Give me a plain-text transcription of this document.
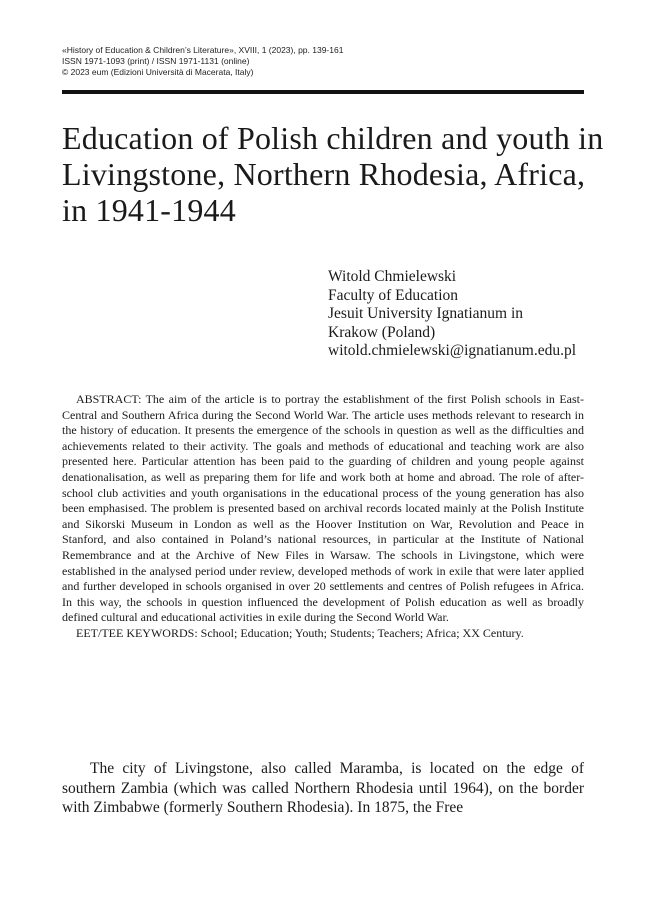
«History of Education & Children’s Literature», XVIII, 1 (2023), pp. 139-161
ISSN 1971-1093 (print) / ISSN 1971-1131 (online)
© 2023 eum (Edizioni Università di Macerata, Italy)
Education of Polish children and youth in
Livingstone, Northern Rhodesia, Africa,
in 1941-1944
Witold Chmielewski
Faculty of Education
Jesuit University Ignatianum in
Krakow (Poland)
witold.chmielewski@ignatianum.edu.pl

ABSTRACT: The aim of the article is to portray the establishment of the first Polish schools in East-Central and Southern Africa during the Second World War. The article uses methods relevant to research in the history of education. It presents the emergence of the schools in question as well as the difficulties and achievements related to their activity. The goals and methods of educational and teaching work are also presented here. Particular attention has been paid to the guarding of children and young people against denationalisation, as well as preparing them for life and work both at home and abroad. The role of after-school club activities and youth organisations in the educational process of the young generation has also been emphasised. The problem is presented based on archival records located mainly at the Polish Institute and Sikorski Museum in London as well as the Hoover Institution on War, Revolution and Peace in Stanford, and also contained in Poland’s national resources, in particular at the Institute of National Remembrance and at the Archive of New Files in Warsaw. The schools in Livingstone, which were established in the analysed period under review, developed methods of work in exile that were later applied and further developed in schools organised in over 20 settlements and centres of Polish refugees in Africa. In this way, the schools in question influenced the development of Polish education as well as broadly defined cultural and educational activities in exile during the Second World War.

EET/TEE KEYWORDS: School; Education; Youth; Students; Teachers; Africa; XX Century.

The city of Livingstone, also called Maramba, is located on the edge of southern Zambia (which was called Northern Rhodesia until 1964), on the border with Zimbabwe (formerly Southern Rhodesia). In 1875, the Free
